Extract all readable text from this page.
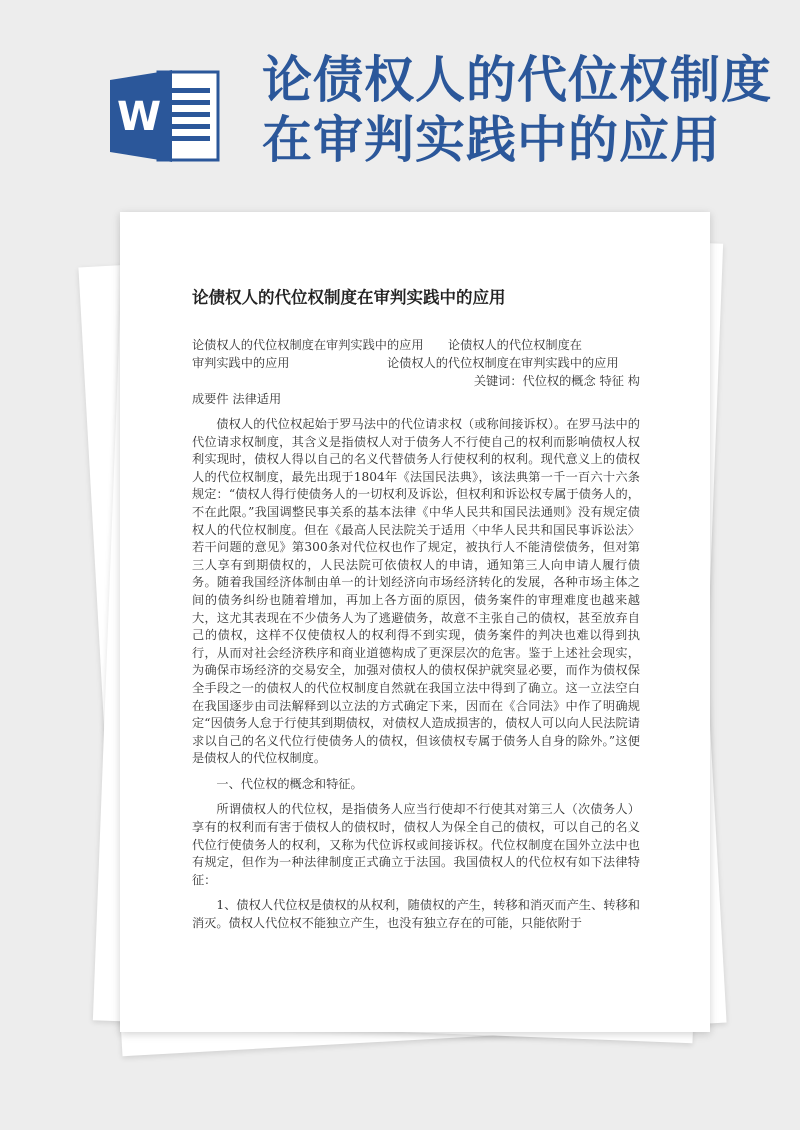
W
论债权人的代位权制度
在审判实践中的应用
论债权人的代位权制度在审判实践中的应用
论债权人的代位权制度在审判实践中的应用　　论债权人的代位权制度在
审判实践中的应用　　　　　　　　论债权人的代位权制度在审判实践中的应用
关键词：代位权的概念 特征 构
成要件 法律适用

债权人的代位权起始于罗马法中的代位请求权（或称间接诉权）。在罗马法中的代位请求权制度，其含义是指债权人对于债务人不行使自己的权利而影响债权人权利实现时，债权人得以自己的名义代替债务人行使权利的权利。现代意义上的债权人的代位权制度，最先出现于1804年《法国民法典》，该法典第一千一百六十六条规定：“债权人得行使债务人的一切权利及诉讼，但权利和诉讼权专属于债务人的，不在此限。”我国调整民事关系的基本法律《中华人民共和国民法通则》没有规定债权人的代位权制度。但在《最高人民法院关于适用〈中华人民共和国民事诉讼法〉若干问题的意见》第300条对代位权也作了规定，被执行人不能清偿债务，但对第三人享有到期债权的，人民法院可依债权人的申请，通知第三人向申请人履行债务。随着我国经济体制由单一的计划经济向市场经济转化的发展，各种市场主体之间的债务纠纷也随着增加，再加上各方面的原因，债务案件的审理难度也越来越大，这尤其表现在不少债务人为了逃避债务，故意不主张自己的债权，甚至放弃自己的债权，这样不仅使债权人的权利得不到实现，债务案件的判决也难以得到执行，从而对社会经济秩序和商业道德构成了更深层次的危害。鉴于上述社会现实，为确保市场经济的交易安全，加强对债权人的债权保护就突显必要，而作为债权保全手段之一的债权人的代位权制度自然就在我国立法中得到了确立。这一立法空白在我国逐步由司法解释到以立法的方式确定下来，因而在《合同法》中作了明确规定“因债务人怠于行使其到期债权，对债权人造成损害的，债权人可以向人民法院请求以自己的名义代位行使债务人的债权，但该债权专属于债务人自身的除外。”这便是债权人的代位权制度。

一、代位权的概念和特征。

所谓债权人的代位权，是指债务人应当行使却不行使其对第三人（次债务人）享有的权利而有害于债权人的债权时，债权人为保全自己的债权，可以自己的名义代位行使债务人的权利，又称为代位诉权或间接诉权。代位权制度在国外立法中也有规定，但作为一种法律制度正式确立于法国。我国债权人的代位权有如下法律特征：

1、债权人代位权是债权的从权利，随债权的产生，转移和消灭而产生、转移和消灭。债权人代位权不能独立产生，也没有独立存在的可能，只能依附于
